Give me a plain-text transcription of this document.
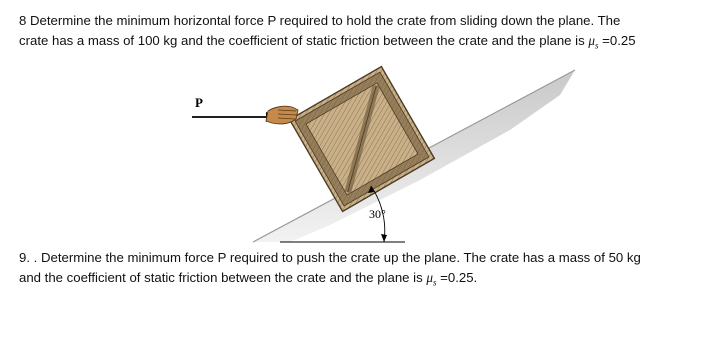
8 Determine the minimum horizontal force P required to hold the crate from sliding down the plane. The
crate has a mass of 100 kg and the coefficient of static friction between the crate and the plane is $\mu_s =0.25$
P
30°
9. . Determine the minimum force P required to push the crate up the plane. The crate has a mass of 50 kg
and the coefficient of static friction between the crate and the plane is $\mu_s =0.25$.
